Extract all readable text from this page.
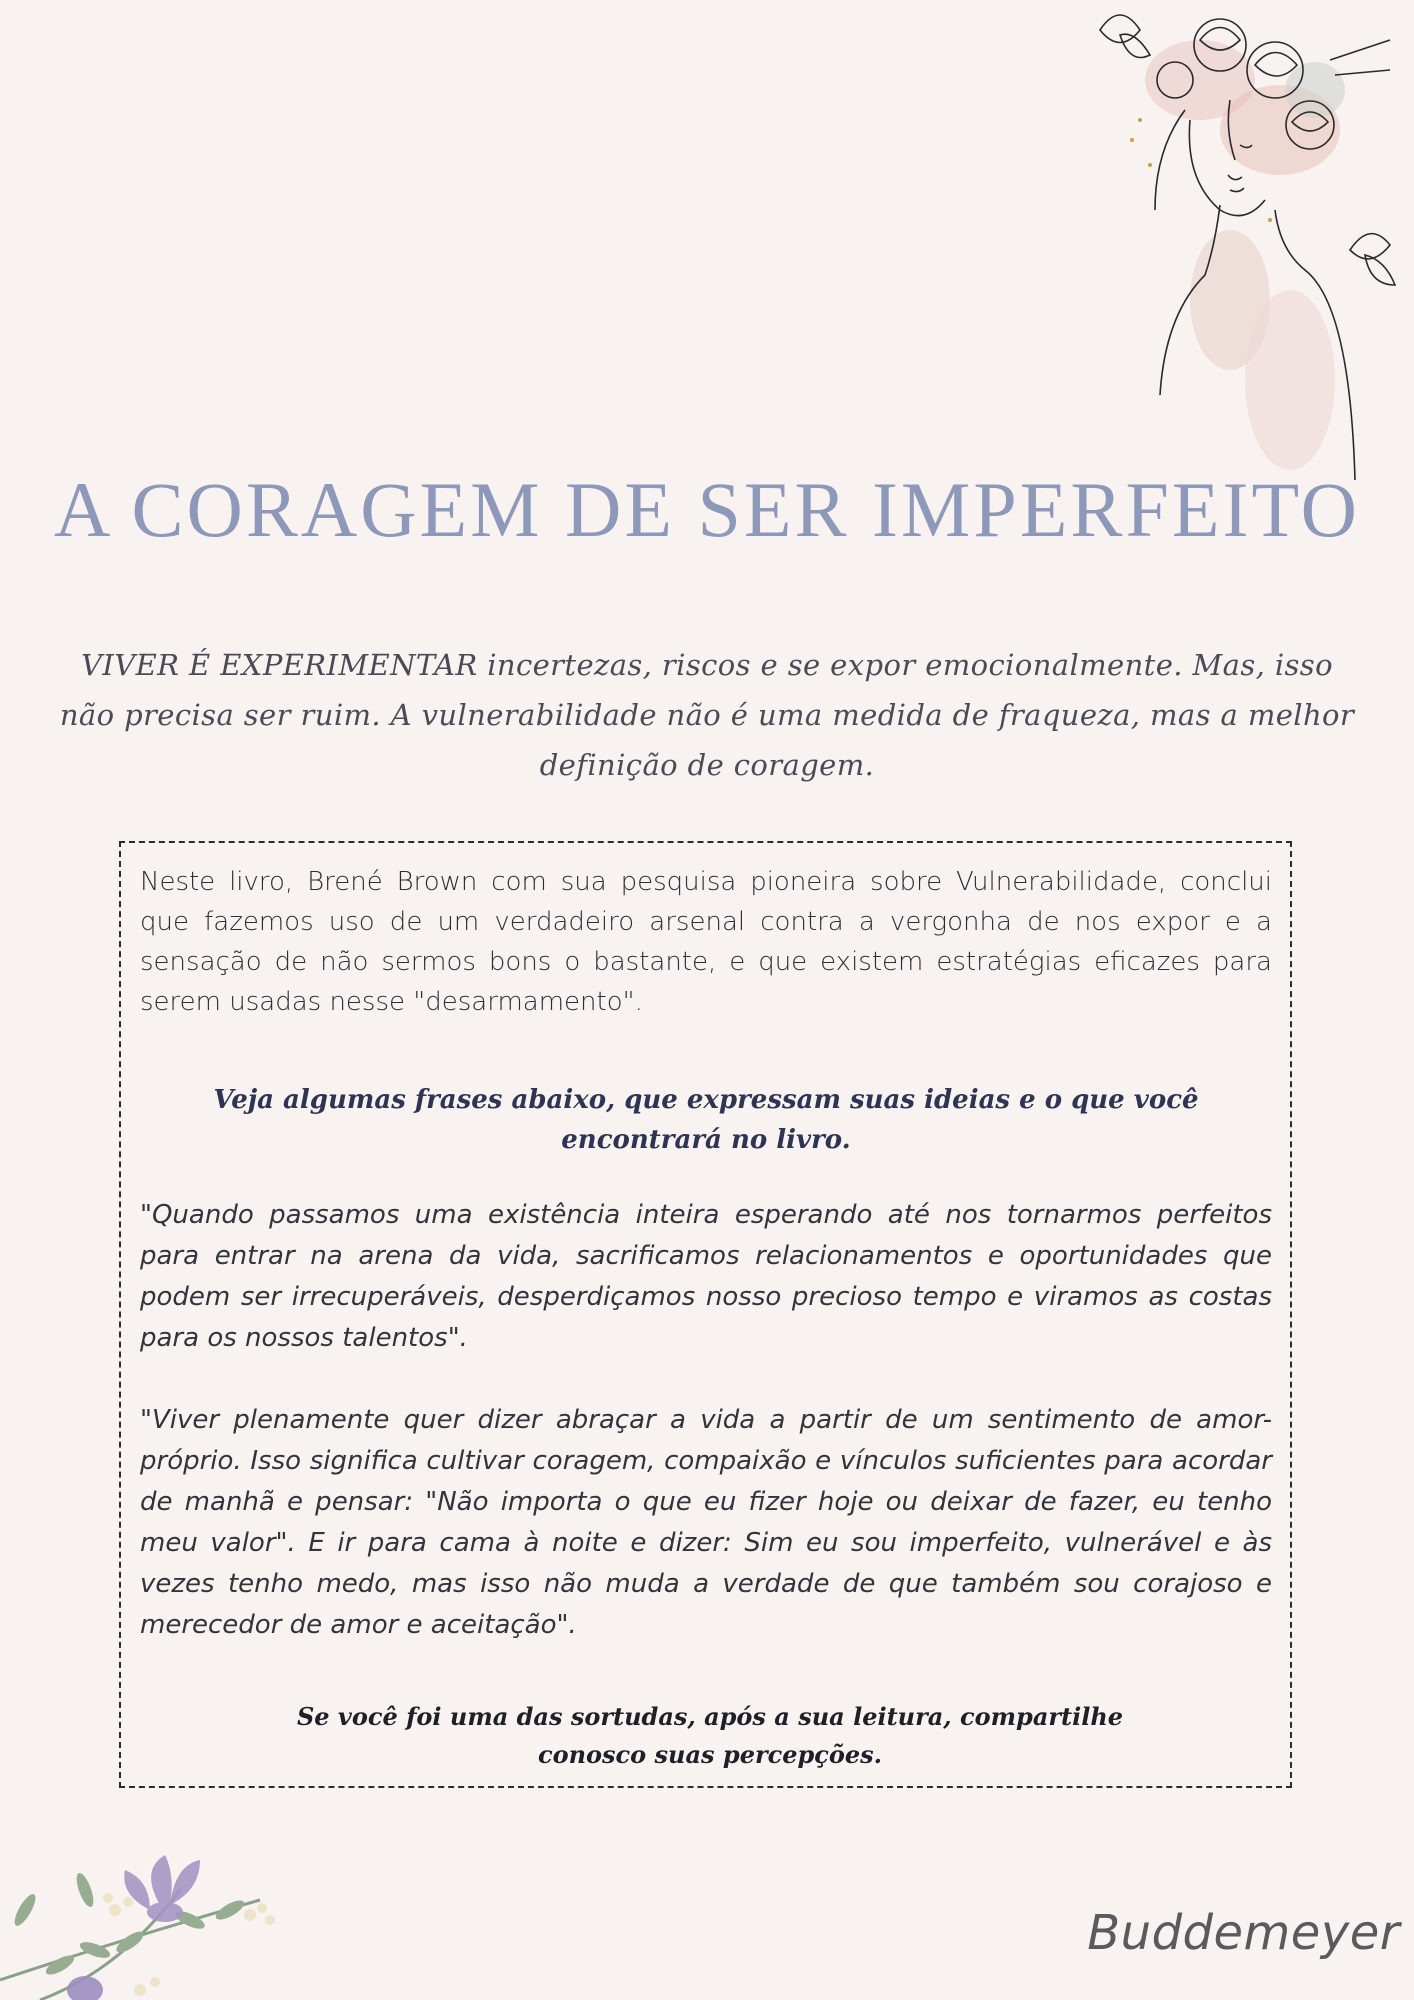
A CORAGEM DE SER IMPERFEITO

VIVER É EXPERIMENTAR incertezas, riscos e se expor emocionalmente. Mas, isso não precisa ser ruim. A vulnerabilidade não é uma medida de fraqueza, mas a melhor definição de coragem.

Neste livro, Brené Brown com sua pesquisa pioneira sobre Vulnerabilidade, conclui que fazemos uso de um verdadeiro arsenal contra a vergonha de nos expor e a sensação de não sermos bons o bastante, e que existem estratégias eficazes para serem usadas nesse "desarmamento".

Veja algumas frases abaixo, que expressam suas ideias e o que você encontrará no livro.

"Quando passamos uma existência inteira esperando até nos tornarmos perfeitos para entrar na arena da vida, sacrificamos relacionamentos e oportunidades que podem ser irrecuperáveis, desperdiçamos nosso precioso tempo e viramos as costas para os nossos talentos".

"Viver plenamente quer dizer abraçar a vida a partir de um sentimento de amor-próprio. Isso significa cultivar coragem, compaixão e vínculos suficientes para acordar de manhã e pensar: "Não importa o que eu fizer hoje ou deixar de fazer, eu tenho meu valor". E ir para cama à noite e dizer: Sim eu sou imperfeito, vulnerável e às vezes tenho medo, mas isso não muda a verdade de que também sou corajoso e merecedor de amor e aceitação".

Se você foi uma das sortudas, após a sua leitura, compartilhe
conosco suas percepções.

Buddemeyer
